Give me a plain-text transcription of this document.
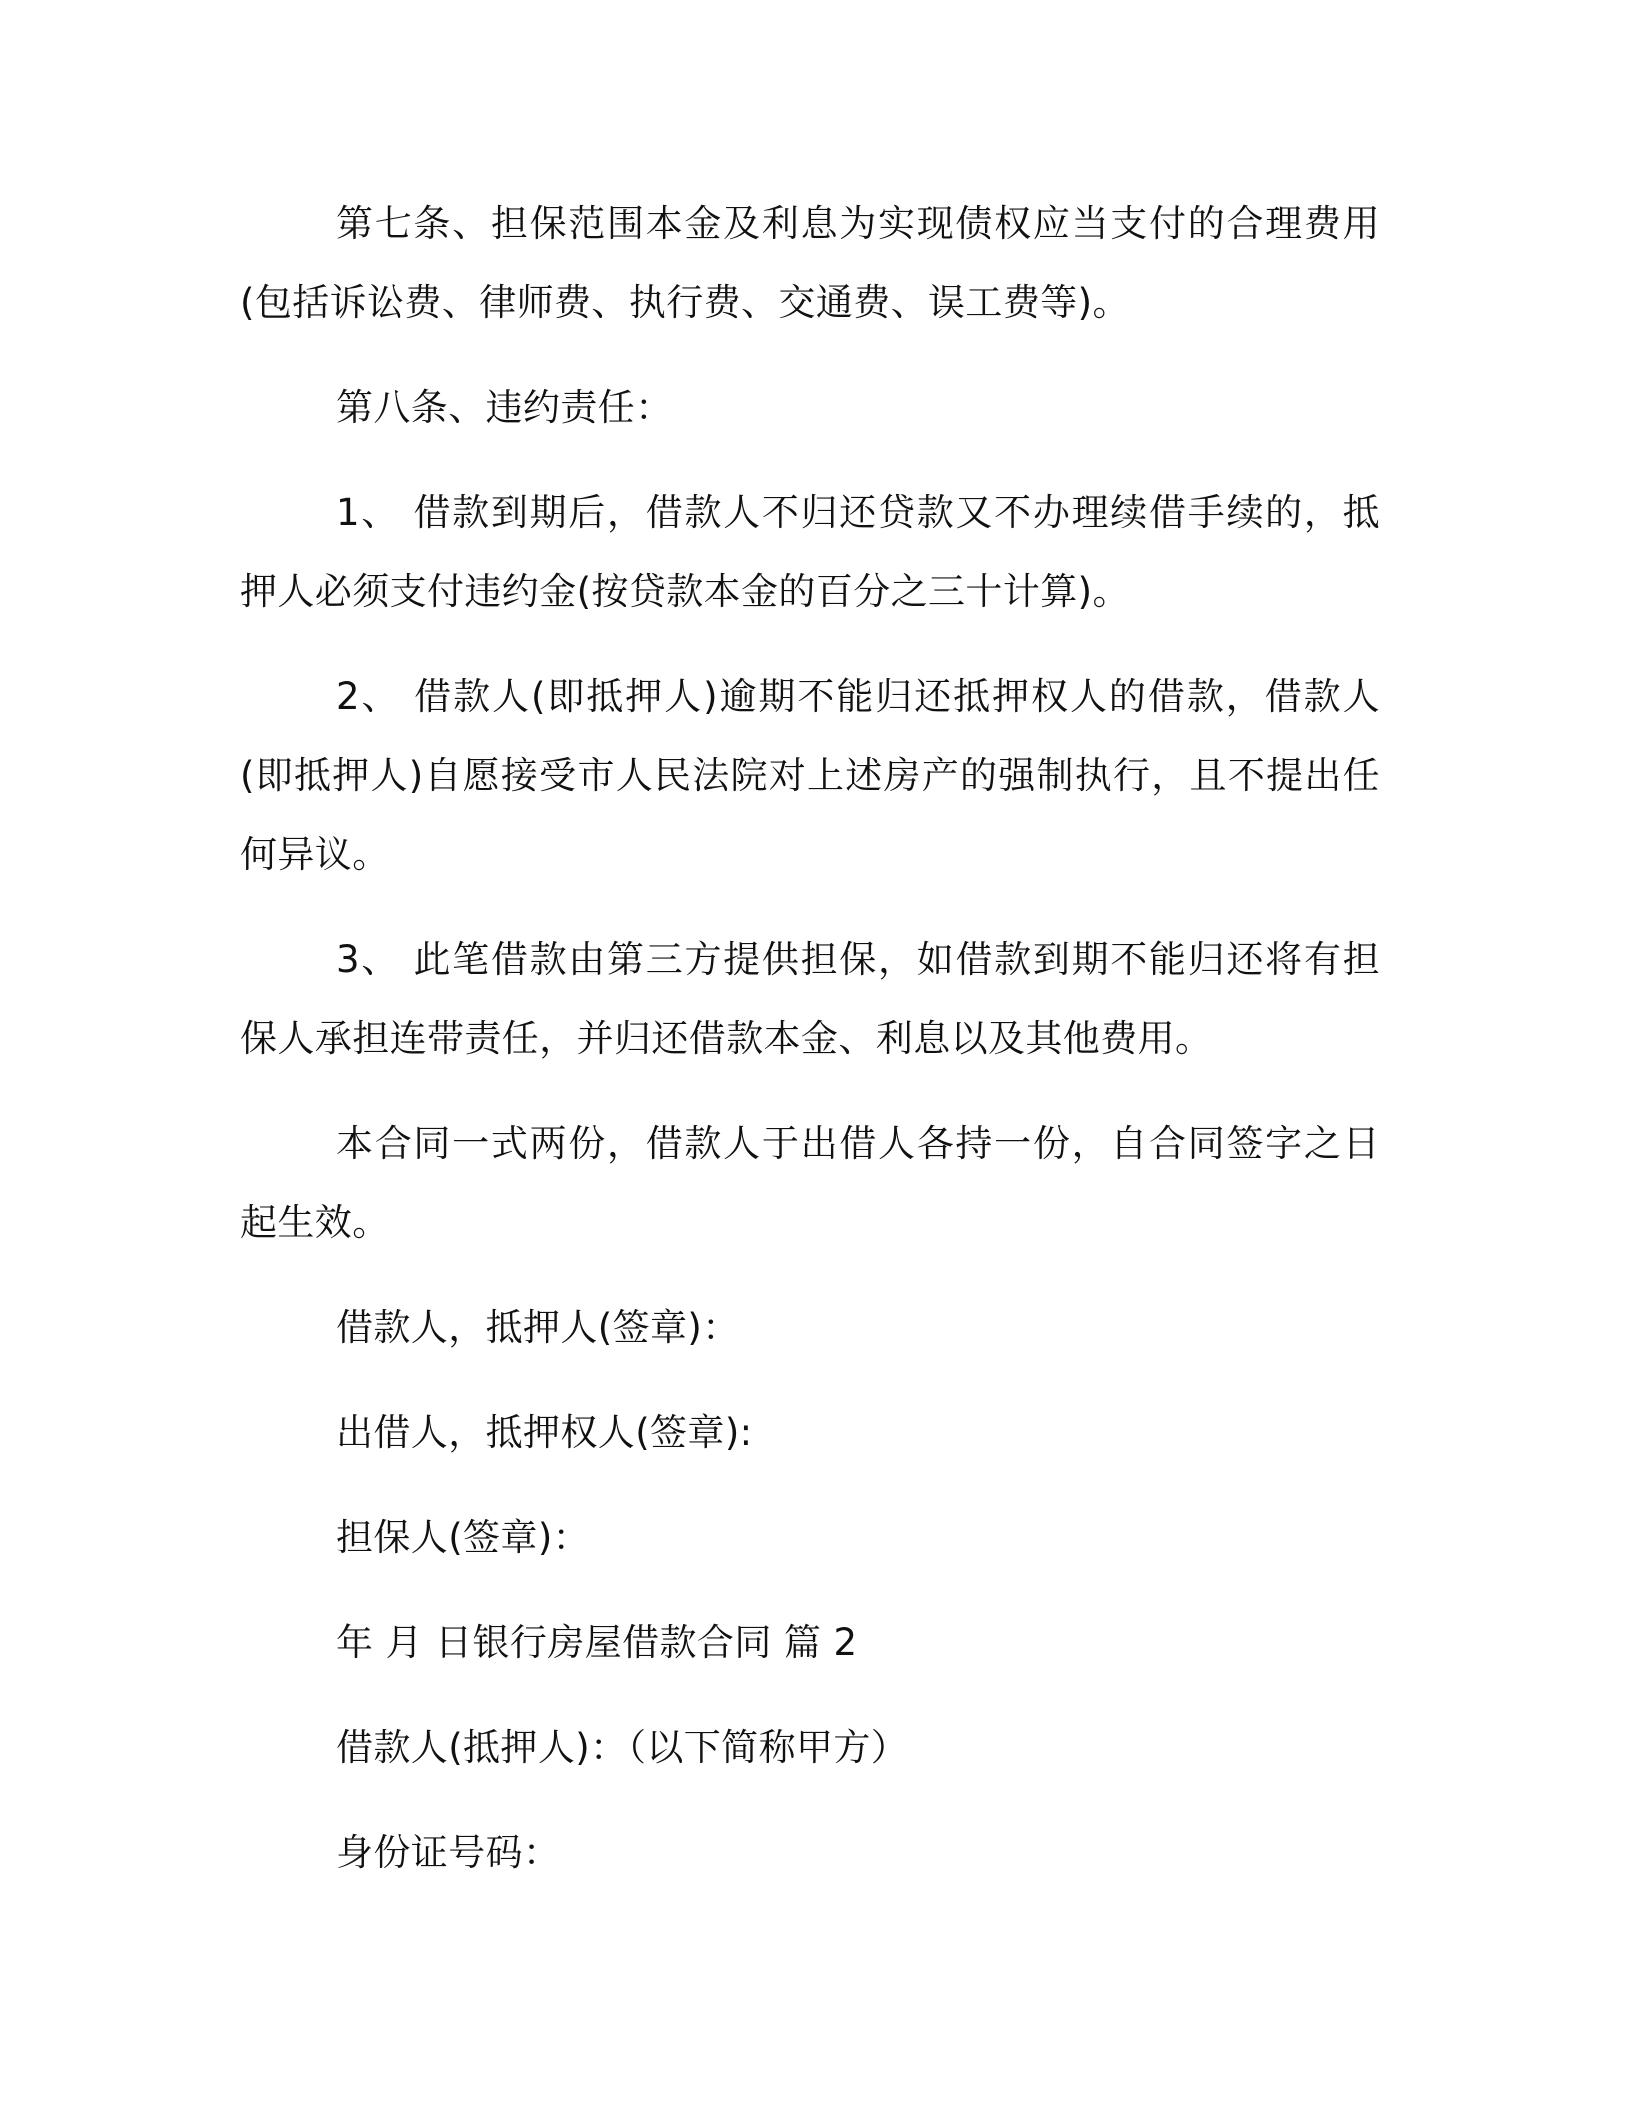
第七条、担保范围本金及利息为实现债权应当支付的合理费用(包括诉讼费、律师费、执行费、交通费、误工费等)。

第八条、违约责任：

1、 借款到期后，借款人不归还贷款又不办理续借手续的，抵押人必须支付违约金(按贷款本金的百分之三十计算)。

2、 借款人(即抵押人)逾期不能归还抵押权人的借款，借款人(即抵押人)自愿接受市人民法院对上述房产的强制执行，且不提出任何异议。

3、 此笔借款由第三方提供担保，如借款到期不能归还将有担保人承担连带责任，并归还借款本金、利息以及其他费用。

本合同一式两份，借款人于出借人各持一份，自合同签字之日起生效。

借款人，抵押人(签章)：

出借人，抵押权人(签章):

担保人(签章)：

年 月 日银行房屋借款合同 篇 2

借款人(抵押人)：（以下简称甲方）

身份证号码：
